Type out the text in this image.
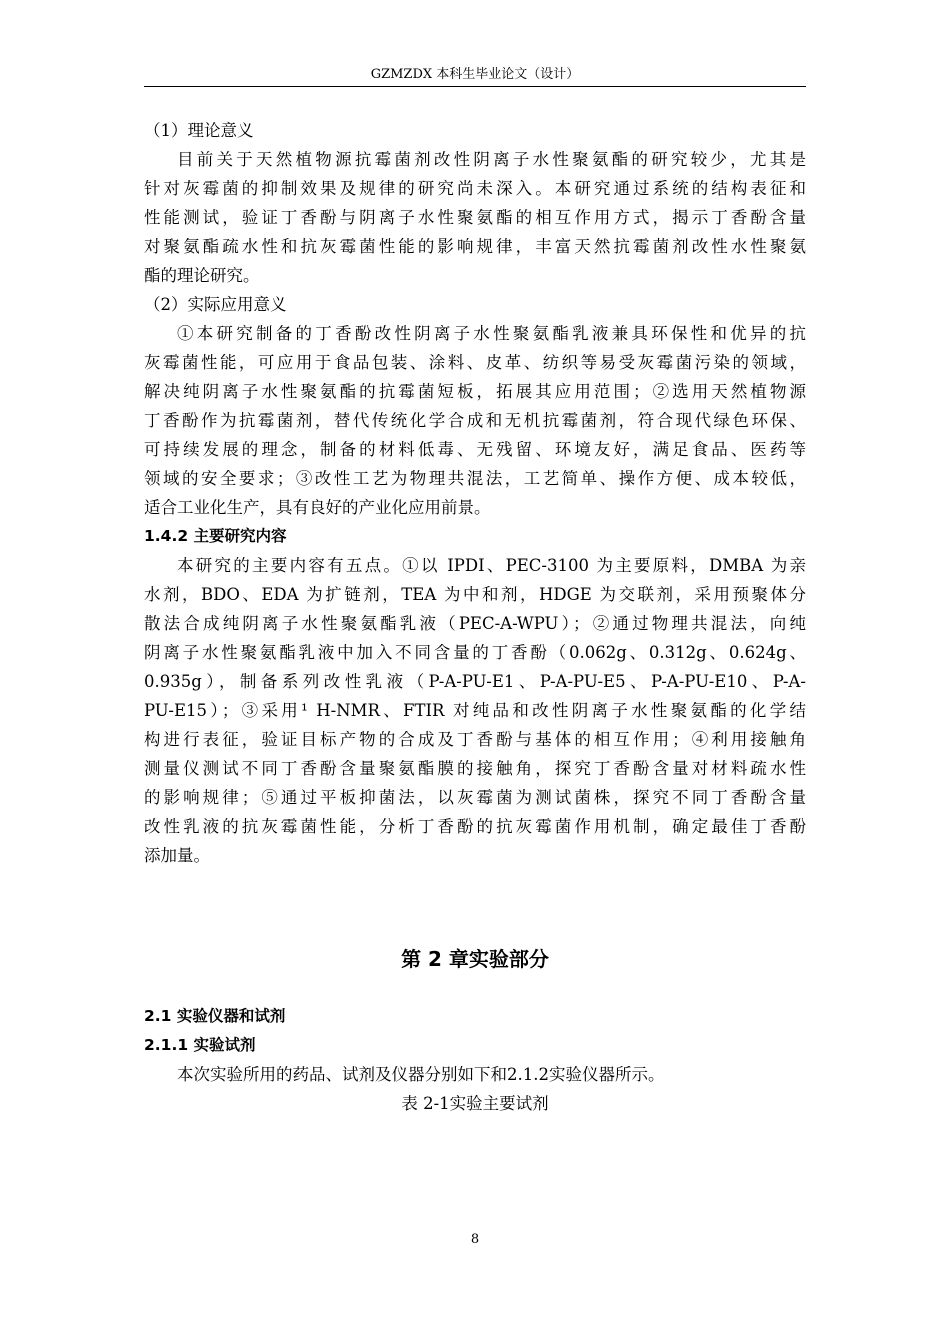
GZMZDX 本科生毕业论文（设计）
（1）理论意义
目前关于天然植物源抗霉菌剂改性阴离子水性聚氨酯的研究较少，尤其是
针对灰霉菌的抑制效果及规律的研究尚未深入。本研究通过系统的结构表征和
性能测试，验证丁香酚与阴离子水性聚氨酯的相互作用方式，揭示丁香酚含量
对聚氨酯疏水性和抗灰霉菌性能的影响规律，丰富天然抗霉菌剂改性水性聚氨
酯的理论研究。
（2）实际应用意义
①本研究制备的丁香酚改性阴离子水性聚氨酯乳液兼具环保性和优异的抗
灰霉菌性能，可应用于食品包装、涂料、皮革、纺织等易受灰霉菌污染的领域，
解决纯阴离子水性聚氨酯的抗霉菌短板，拓展其应用范围；②选用天然植物源
丁香酚作为抗霉菌剂，替代传统化学合成和无机抗霉菌剂，符合现代绿色环保、
可持续发展的理念，制备的材料低毒、无残留、环境友好，满足食品、医药等
领域的安全要求；③改性工艺为物理共混法，工艺简单、操作方便、成本较低，
适合工业化生产，具有良好的产业化应用前景。
1.4.2 主要研究内容
本研究的主要内容有五点。①以 IPDI、PEC-3100 为主要原料，DMBA 为亲
水剂，BDO、EDA 为扩链剂，TEA 为中和剂，HDGE 为交联剂，采用预聚体分
散法合成纯阴离子水性聚氨酯乳液（PEC-A-WPU）；②通过物理共混法，向纯
阴离子水性聚氨酯乳液中加入不同含量的丁香酚（0.062g、0.312g、0.624g、
0.935g），制备系列改性乳液（P-A-PU-E1、P-A-PU-E5、P-A-PU-E10、P-A-
PU-E15）；③采用¹ H-NMR、FTIR 对纯品和改性阴离子水性聚氨酯的化学结
构进行表征，验证目标产物的合成及丁香酚与基体的相互作用；④利用接触角
测量仪测试不同丁香酚含量聚氨酯膜的接触角，探究丁香酚含量对材料疏水性
的影响规律；⑤通过平板抑菌法，以灰霉菌为测试菌株，探究不同丁香酚含量
改性乳液的抗灰霉菌性能，分析丁香酚的抗灰霉菌作用机制，确定最佳丁香酚
添加量。
第 2 章实验部分
2.1 实验仪器和试剂
2.1.1 实验试剂
本次实验所用的药品、试剂及仪器分别如下和2.1.2实验仪器所示。
表 2-1实验主要试剂
8
